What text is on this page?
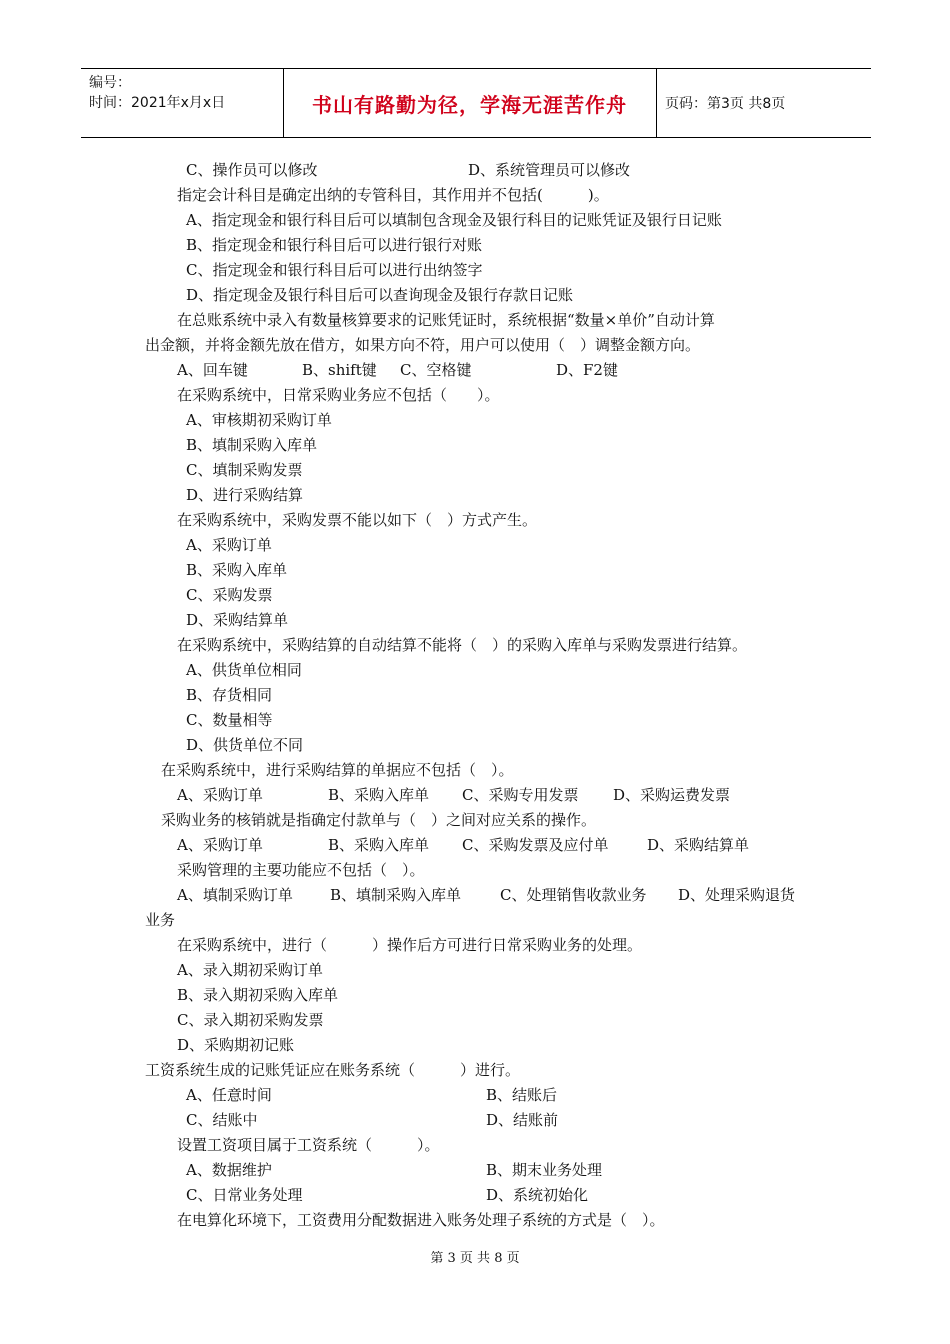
编号：
时间：2021年x月x日	书山有路勤为径，学海无涯苦作舟	页码：第3页 共8页
C、操作员可以修改	D、系统管理员可以修改
指定会计科目是确定出纳的专管科目，其作用并不包括(　　　)。
A、指定现金和银行科目后可以填制包含现金及银行科目的记账凭证及银行日记账
B、指定现金和银行科目后可以进行银行对账
C、指定现金和银行科目后可以进行出纳签字
D、指定现金及银行科目后可以查询现金及银行存款日记账
在总账系统中录入有数量核算要求的记账凭证时，系统根据“数量×单价”自动计算
出金额，并将金额先放在借方，如果方向不符，用户可以使用（　）调整金额方向。
A、回车键	B、shift键 C、空格键	D、F2键
在采购系统中，日常采购业务应不包括（　　）。
A、审核期初采购订单
B、填制采购入库单
C、填制采购发票
D、进行采购结算
在采购系统中，采购发票不能以如下（　）方式产生。
A、采购订单
B、采购入库单
C、采购发票
D、采购结算单
在采购系统中，采购结算的自动结算不能将（　）的采购入库单与采购发票进行结算。
A、供货单位相同
B、存货相同
C、数量相等
D、供货单位不同
在采购系统中，进行采购结算的单据应不包括（　）。
A、采购订单	B、采购入库单 C、采购专用发票 D、采购运费发票
采购业务的核销就是指确定付款单与（　）之间对应关系的操作。
A、采购订单	B、采购入库单 C、采购发票及应付单	D、采购结算单
采购管理的主要功能应不包括（　）。
A、填制采购订单 B、填制采购入库单	C、处理销售收款业务 D、处理采购退货
业务
在采购系统中，进行（　　　）操作后方可进行日常采购业务的处理。
A、录入期初采购订单
B、录入期初采购入库单
C、录入期初采购发票
D、采购期初记账
工资系统生成的记账凭证应在账务系统（　　　）进行。
A、任意时间	B、结账后
C、结账中	D、结账前
设置工资项目属于工资系统（　　　）。
A、数据维护	B、期末业务处理
C、日常业务处理	D、系统初始化
在电算化环境下，工资费用分配数据进入账务处理子系统的方式是（　）。
第 3 页 共 8 页
